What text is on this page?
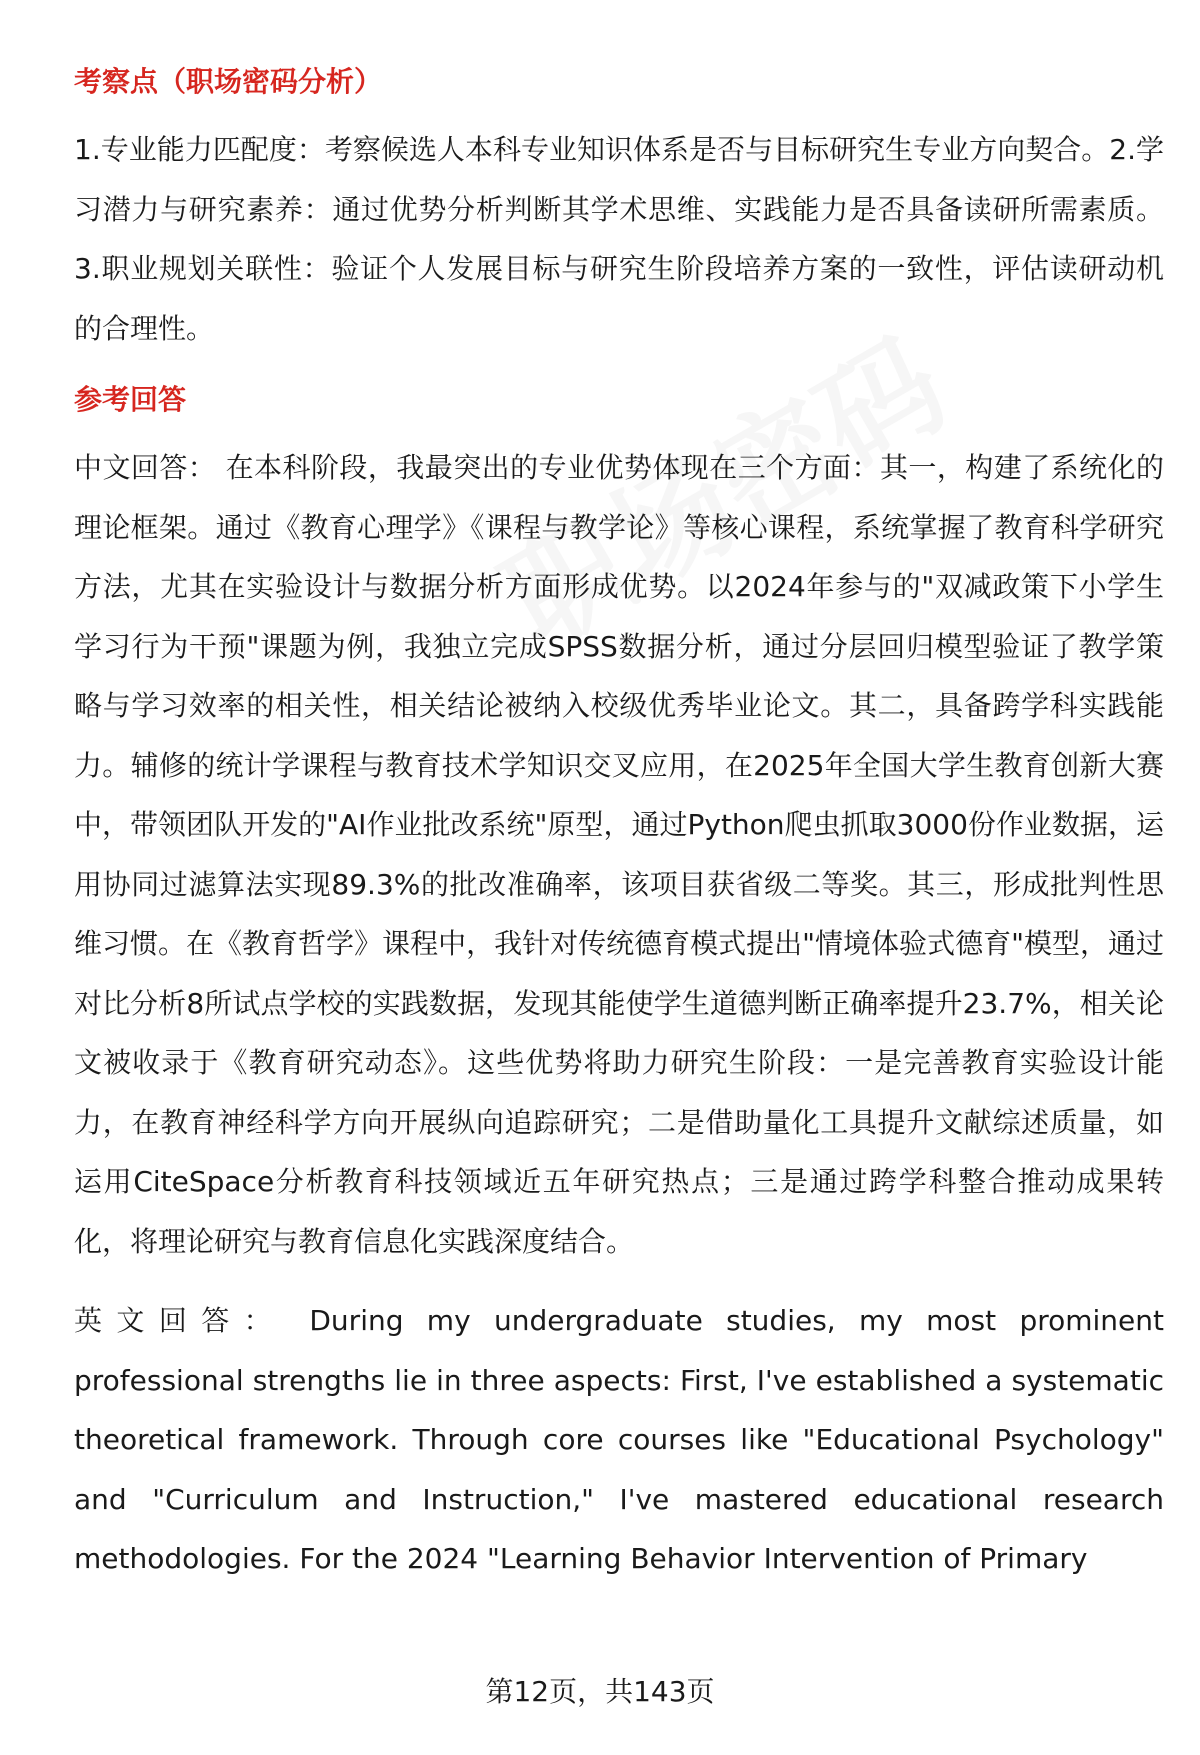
考察点（职场密码分析）

1.专业能力匹配度：考察候选人本科专业知识体系是否与目标研究生专业方向契合。2.学习潜力与研究素养：通过优势分析判断其学术思维、实践能力是否具备读研所需素质。3.职业规划关联性：验证个人发展目标与研究生阶段培养方案的一致性，评估读研动机的合理性。

参考回答

中文回答： 在本科阶段，我最突出的专业优势体现在三个方面：其一，构建了系统化的理论框架。通过《教育心理学》《课程与教学论》等核心课程，系统掌握了教育科学研究方法，尤其在实验设计与数据分析方面形成优势。以2024年参与的"双减政策下小学生学习行为干预"课题为例，我独立完成SPSS数据分析，通过分层回归模型验证了教学策略与学习效率的相关性，相关结论被纳入校级优秀毕业论文。其二，具备跨学科实践能力。辅修的统计学课程与教育技术学知识交叉应用，在2025年全国大学生教育创新大赛中，带领团队开发的"AI作业批改系统"原型，通过Python爬虫抓取3000份作业数据，运用协同过滤算法实现89.3%的批改准确率，该项目获省级二等奖。其三，形成批判性思维习惯。在《教育哲学》课程中，我针对传统德育模式提出"情境体验式德育"模型，通过对比分析8所试点学校的实践数据，发现其能使学生道德判断正确率提升23.7%，相关论文被收录于《教育研究动态》。这些优势将助力研究生阶段：一是完善教育实验设计能力，在教育神经科学方向开展纵向追踪研究；二是借助量化工具提升文献综述质量，如运用CiteSpace分析教育科技领域近五年研究热点；三是通过跨学科整合推动成果转化，将理论研究与教育信息化实践深度结合。

英文回答： During my undergraduate studies, my most prominent professional strengths lie in three aspects: First, I've established a systematic theoretical framework. Through core courses like "Educational Psychology" and "Curriculum and Instruction," I've mastered educational research methodologies. For the 2024 "Learning Behavior Intervention of Primary

第12页，共143页
